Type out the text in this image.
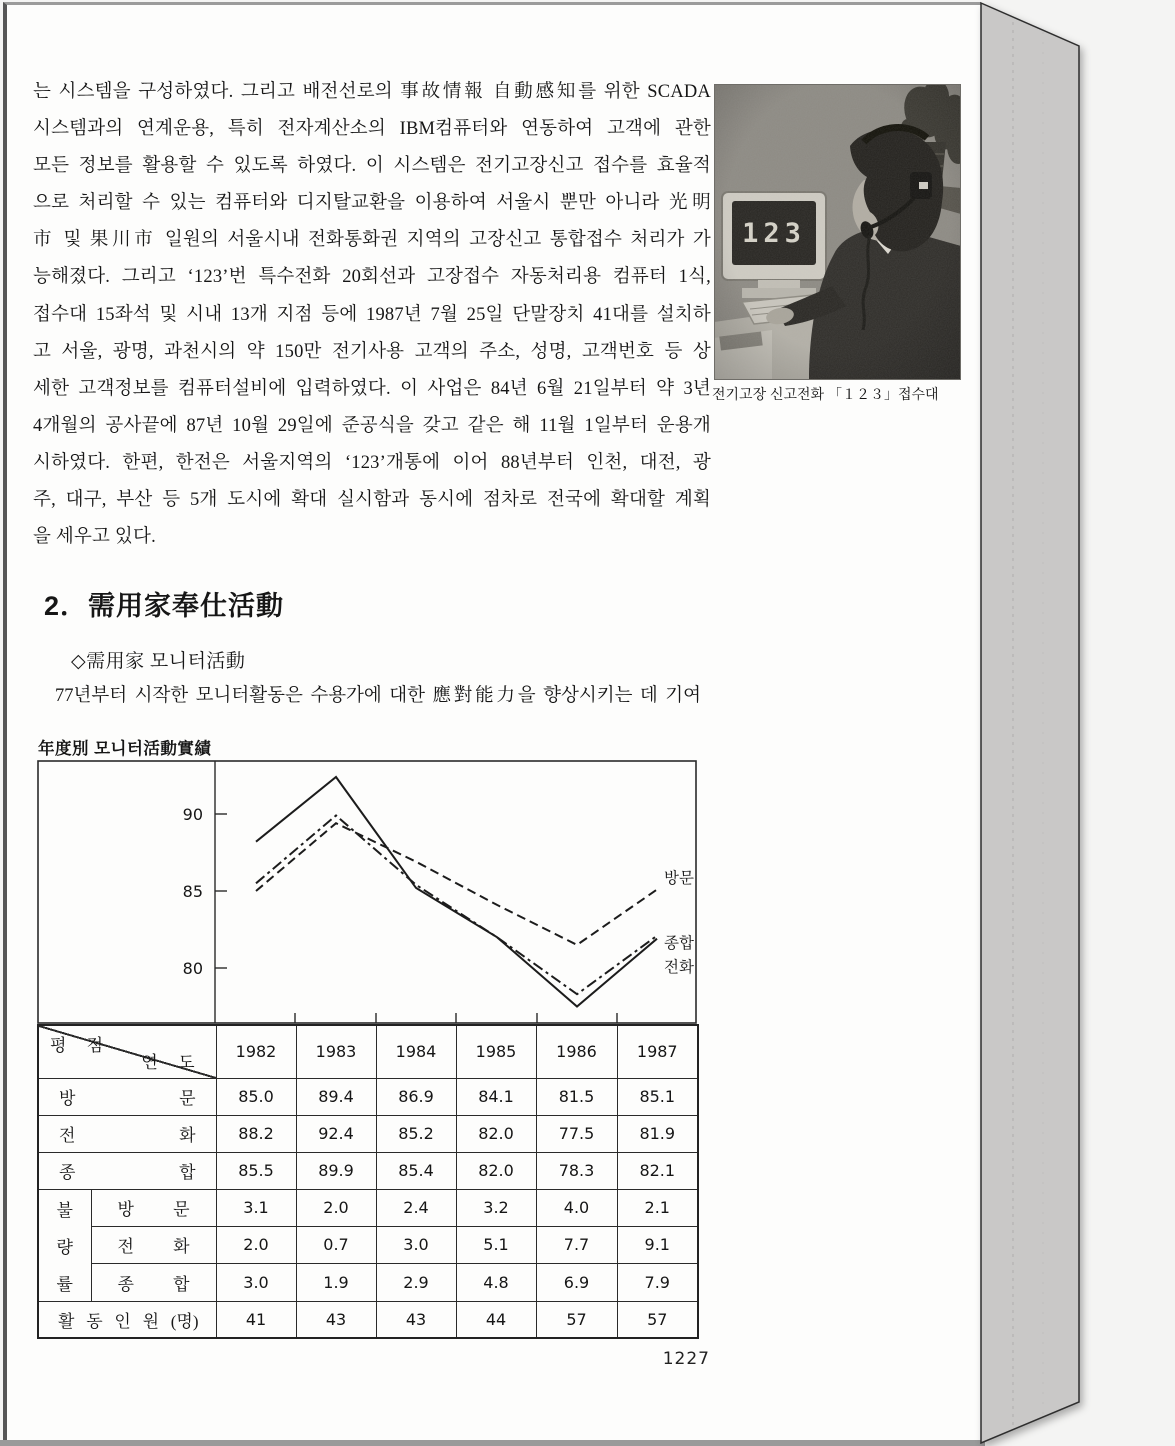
는 시스템을 구성하였다. 그리고 배전선로의 事故情報 自動感知를 위한 SCADA
시스템과의 연계운용, 특히 전자계산소의 IBM컴퓨터와 연동하여 고객에 관한
모든 정보를 활용할 수 있도록 하였다. 이 시스템은 전기고장신고 접수를 효율적
으로 처리할 수 있는 컴퓨터와 디지탈교환을 이용하여 서울시 뿐만 아니라 光明
市 및 果川市 일원의 서울시내 전화통화권 지역의 고장신고 통합접수 처리가 가
능해졌다. 그리고 ‘123’번 특수전화 20회선과 고장접수 자동처리용 컴퓨터 1식,
접수대 15좌석 및 시내 13개 지점 등에 1987년 7월 25일 단말장치 41대를 설치하
고 서울, 광명, 과천시의 약 150만 전기사용 고객의 주소, 성명, 고객번호 등 상
세한 고객정보를 컴퓨터설비에 입력하였다. 이 사업은 84년 6월 21일부터 약 3년
4개월의 공사끝에 87년 10월 29일에 준공식을 갖고 같은 해 11월 1일부터 운용개
시하였다. 한편, 한전은 서울지역의 ‘123’개통에 이어 88년부터 인천, 대전, 광
주, 대구, 부산 등 5개 도시에 확대 실시함과 동시에 점차로 전국에 확대할 계획
을 세우고 있다.
전기고장 신고전화 「１２３」접수대
2．需用家奉仕活動
◇需用家 모니터活動
77년부터 시작한 모니터활동은 수용가에 대한 應對能力을 향상시키는 데 기여
年度別 모니터活動實績
90
85
80
방문
종합
전화
평 점
연 도		1982	1983	1984	1985	1986	1987

방 문		85.0	89.4	86.9	84.1	81.5	85.1

전 화		88.2	92.4	85.2	82.0	77.5	81.9

종 합		85.5	89.9	85.4	82.0	78.3	82.1

불
량
률	방 문	3.1	2.0	2.4	3.2	4.0	2.1

	전 화	2.0	0.7	3.0	5.1	7.7	9.1

	종 합	3.0	1.9	2.9	4.8	6.9	7.9

활 동 인 원 (명)		41	43	43	44	57	57
1227
